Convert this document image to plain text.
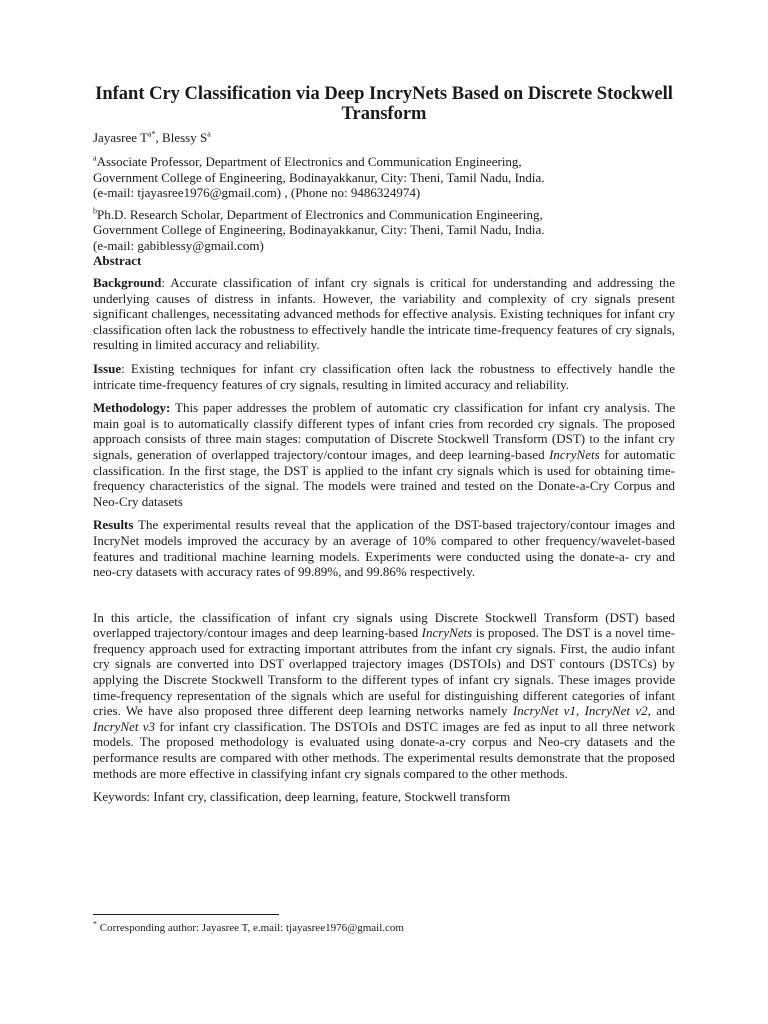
Infant Cry Classification via Deep IncryNets Based on Discrete Stockwell Transform
Jayasree $T^{a*}$, Blessy $S^a$

$^a$Associate Professor, Department of Electronics and Communication Engineering,

Government College of Engineering, Bodinayakkanur, City: Theni, Tamil Nadu, India.

(e-mail: tjayasree1976@gmail.com) , (Phone no: 9486324974)

$^b$Ph.D. Research Scholar, Department of Electronics and Communication Engineering,

Government College of Engineering, Bodinayakkanur, City: Theni, Tamil Nadu, India.

(e-mail: gabiblessy@gmail.com)

Abstract

Background: Accurate classification of infant cry signals is critical for understanding and addressing the underlying causes of distress in infants. However, the variability and complexity of cry signals present significant challenges, necessitating advanced methods for effective analysis. Existing techniques for infant cry classification often lack the robustness to effectively handle the intricate time-frequency features of cry signals, resulting in limited accuracy and reliability.

Issue: Existing techniques for infant cry classification often lack the robustness to effectively handle the intricate time-frequency features of cry signals, resulting in limited accuracy and reliability.

Methodology: This paper addresses the problem of automatic cry classification for infant cry analysis. The main goal is to automatically classify different types of infant cries from recorded cry signals. The proposed approach consists of three main stages: computation of Discrete Stockwell Transform (DST) to the infant cry signals, generation of overlapped trajectory/contour images, and deep learning-based IncryNets for automatic classification. In the first stage, the DST is applied to the infant cry signals which is used for obtaining time-frequency characteristics of the signal. The models were trained and tested on the Donate-a-Cry Corpus and Neo-Cry datasets

Results The experimental results reveal that the application of the DST-based trajectory/contour images and IncryNet models improved the accuracy by an average of 10% compared to other frequency/wavelet-based features and traditional machine learning models. Experiments were conducted using the donate-a- cry and neo-cry datasets with accuracy rates of 99.89%, and 99.86% respectively.

In this article, the classification of infant cry signals using Discrete Stockwell Transform (DST) based overlapped trajectory/contour images and deep learning-based IncryNets is proposed. The DST is a novel time-frequency approach used for extracting important attributes from the infant cry signals. First, the audio infant cry signals are converted into DST overlapped trajectory images (DSTOIs) and DST contours (DSTCs) by applying the Discrete Stockwell Transform to the different types of infant cry signals. These images provide time-frequency representation of the signals which are useful for distinguishing different categories of infant cries. We have also proposed three different deep learning networks namely IncryNet v1, IncryNet v2, and IncryNet v3 for infant cry classification. The DSTOIs and DSTC images are fed as input to all three network models. The proposed methodology is evaluated using donate-a-cry corpus and Neo-cry datasets and the performance results are compared with other methods. The experimental results demonstrate that the proposed methods are more effective in classifying infant cry signals compared to the other methods.

Keywords: Infant cry, classification, deep learning, feature, Stockwell transform

* Corresponding author: Jayasree T, e.mail: tjayasree1976@gmail.com
